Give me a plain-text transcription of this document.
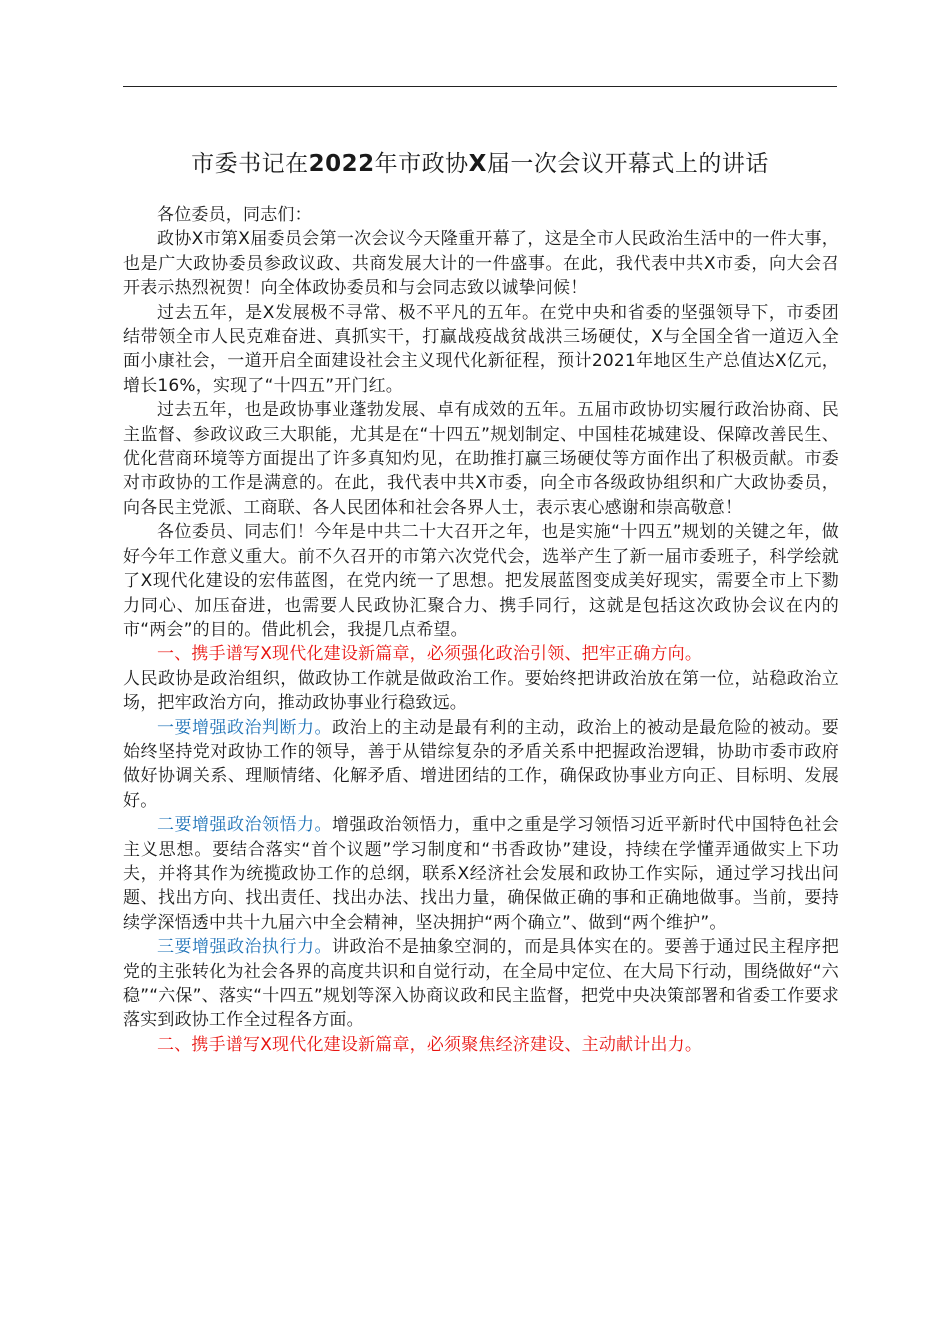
市委书记在2022年市政协X届一次会议开幕式上的讲话

各位委员，同志们：

政协X市第X届委员会第一次会议今天隆重开幕了，这是全市人民政治生活中的一件大事，也是广大政协委员参政议政、共商发展大计的一件盛事。在此，我代表中共X市委，向大会召开表示热烈祝贺！向全体政协委员和与会同志致以诚挚问候！

过去五年，是X发展极不寻常、极不平凡的五年。在党中央和省委的坚强领导下，市委团结带领全市人民克难奋进、真抓实干，打赢战疫战贫战洪三场硬仗，X与全国全省一道迈入全面小康社会，一道开启全面建设社会主义现代化新征程，预计2021年地区生产总值达X亿元，增长16%，实现了“十四五”开门红。

过去五年，也是政协事业蓬勃发展、卓有成效的五年。五届市政协切实履行政治协商、民主监督、参政议政三大职能，尤其是在“十四五”规划制定、中国桂花城建设、保障改善民生、优化营商环境等方面提出了许多真知灼见，在助推打赢三场硬仗等方面作出了积极贡献。市委对市政协的工作是满意的。在此，我代表中共X市委，向全市各级政协组织和广大政协委员，向各民主党派、工商联、各人民团体和社会各界人士，表示衷心感谢和崇高敬意！

各位委员、同志们！今年是中共二十大召开之年，也是实施“十四五”规划的关键之年，做好今年工作意义重大。前不久召开的市第六次党代会，选举产生了新一届市委班子，科学绘就了X现代化建设的宏伟蓝图，在党内统一了思想。把发展蓝图变成美好现实，需要全市上下勠力同心、加压奋进，也需要人民政协汇聚合力、携手同行，这就是包括这次政协会议在内的市“两会”的目的。借此机会，我提几点希望。

一、携手谱写X现代化建设新篇章，必须强化政治引领、把牢正确方向。

人民政协是政治组织，做政协工作就是做政治工作。要始终把讲政治放在第一位，站稳政治立场，把牢政治方向，推动政协事业行稳致远。

一要增强政治判断力。政治上的主动是最有利的主动，政治上的被动是最危险的被动。要始终坚持党对政协工作的领导，善于从错综复杂的矛盾关系中把握政治逻辑，协助市委市政府做好协调关系、理顺情绪、化解矛盾、增进团结的工作，确保政协事业方向正、目标明、发展好。

二要增强政治领悟力。增强政治领悟力，重中之重是学习领悟习近平新时代中国特色社会主义思想。要结合落实“首个议题”学习制度和“书香政协”建设，持续在学懂弄通做实上下功夫，并将其作为统揽政协工作的总纲，联系X经济社会发展和政协工作实际，通过学习找出问题、找出方向、找出责任、找出办法、找出力量，确保做正确的事和正确地做事。当前，要持续学深悟透中共十九届六中全会精神，坚决拥护“两个确立”、做到“两个维护”。

三要增强政治执行力。讲政治不是抽象空洞的，而是具体实在的。要善于通过民主程序把党的主张转化为社会各界的高度共识和自觉行动，在全局中定位、在大局下行动，围绕做好“六稳”“六保”、落实“十四五”规划等深入协商议政和民主监督，把党中央决策部署和省委工作要求落实到政协工作全过程各方面。

二、携手谱写X现代化建设新篇章，必须聚焦经济建设、主动献计出力。
